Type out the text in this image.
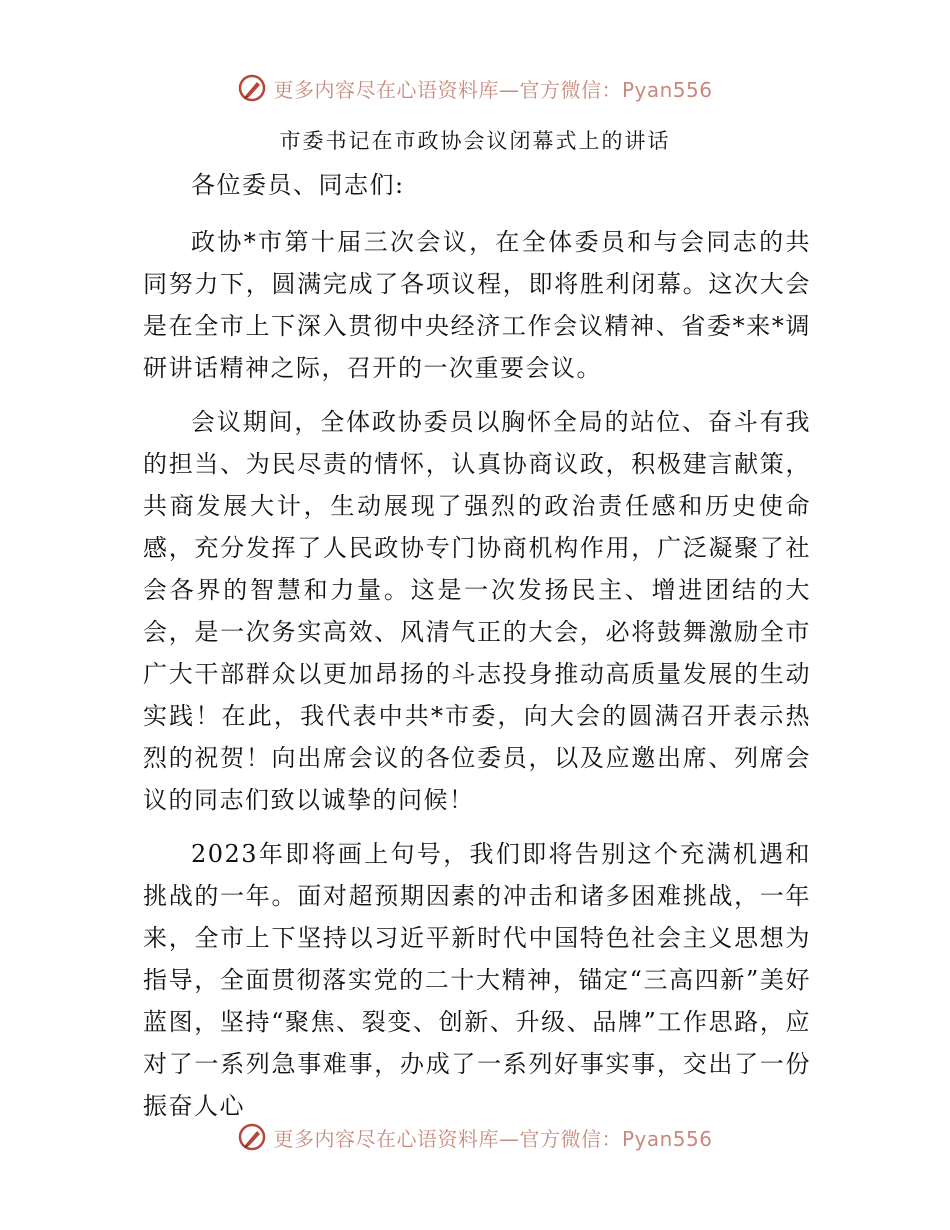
更多内容尽在心语资料库—官方微信：Pyan556
市委书记在市政协会议闭幕式上的讲话

各位委员、同志们:

政协*市第十届三次会议，在全体委员和与会同志的共同努力下，圆满完成了各项议程，即将胜利闭幕。这次大会是在全市上下深入贯彻中央经济工作会议精神、省委*来*调研讲话精神之际，召开的一次重要会议。

会议期间，全体政协委员以胸怀全局的站位、奋斗有我的担当、为民尽责的情怀，认真协商议政，积极建言献策，共商发展大计，生动展现了强烈的政治责任感和历史使命感，充分发挥了人民政协专门协商机构作用，广泛凝聚了社会各界的智慧和力量。这是一次发扬民主、增进团结的大会，是一次务实高效、风清气正的大会，必将鼓舞激励全市广大干部群众以更加昂扬的斗志投身推动高质量发展的生动实践！在此，我代表中共*市委，向大会的圆满召开表示热烈的祝贺！向出席会议的各位委员，以及应邀出席、列席会议的同志们致以诚挚的问候！

2023年即将画上句号，我们即将告别这个充满机遇和挑战的一年。面对超预期因素的冲击和诸多困难挑战，一年来，全市上下坚持以习近平新时代中国特色社会主义思想为指导，全面贯彻落实党的二十大精神，锚定“三高四新”美好蓝图，坚持“聚焦、裂变、创新、升级、品牌”工作思路，应对了一系列急事难事，办成了一系列好事实事，交出了一份振奋人心

更多内容尽在心语资料库—官方微信：Pyan556
